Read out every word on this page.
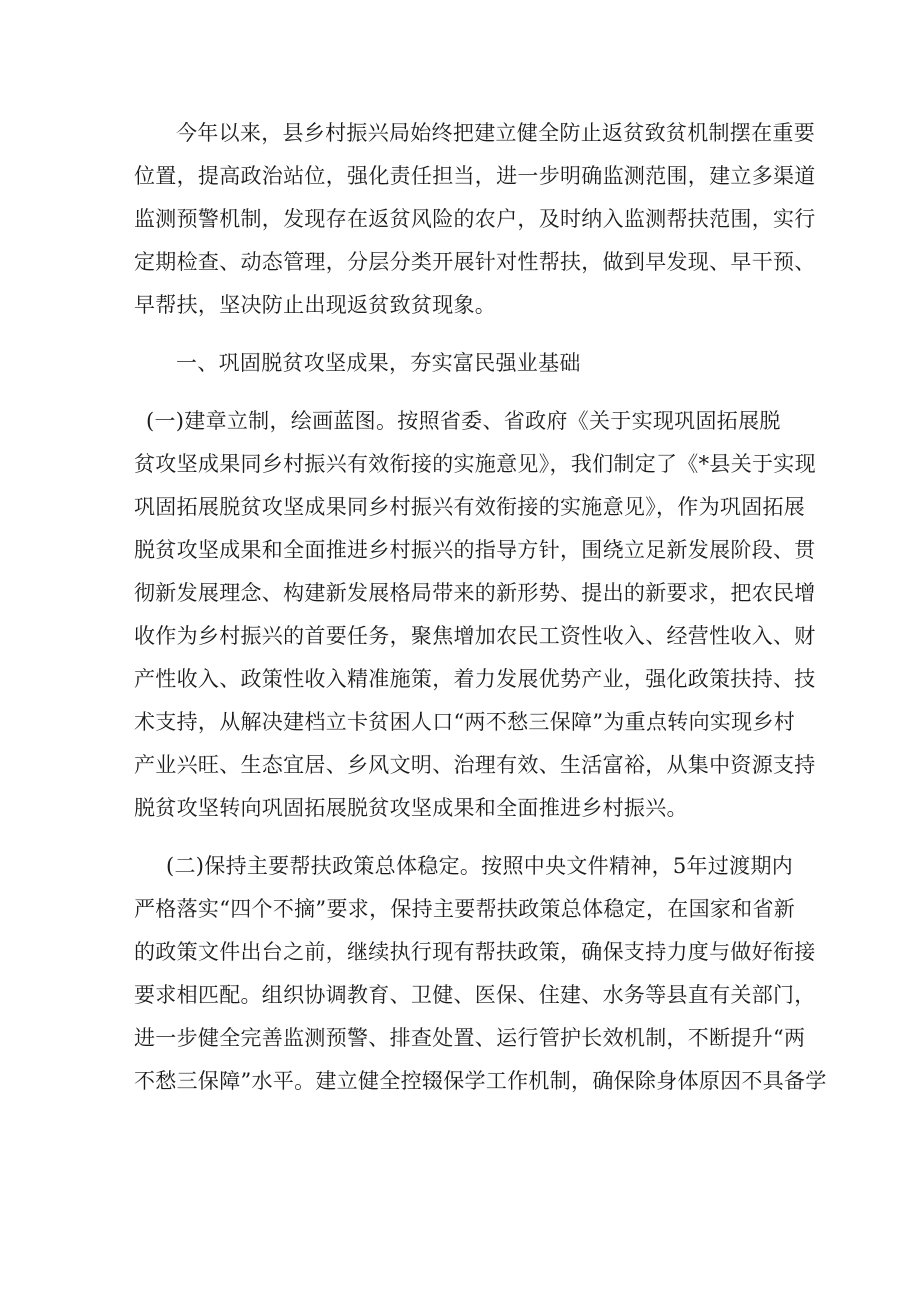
今年以来，县乡村振兴局始终把建立健全防止返贫致贫机制摆在重要
位置，提高政治站位，强化责任担当，进一步明确监测范围，建立多渠道
监测预警机制，发现存在返贫风险的农户，及时纳入监测帮扶范围，实行
定期检查、动态管理，分层分类开展针对性帮扶，做到早发现、早干预、
早帮扶，坚决防止出现返贫致贫现象。
一、巩固脱贫攻坚成果，夯实富民强业基础
(一)建章立制，绘画蓝图。按照省委、省政府《关于实现巩固拓展脱
贫攻坚成果同乡村振兴有效衔接的实施意见》，我们制定了《*县关于实现
巩固拓展脱贫攻坚成果同乡村振兴有效衔接的实施意见》，作为巩固拓展
脱贫攻坚成果和全面推进乡村振兴的指导方针，围绕立足新发展阶段、贯
彻新发展理念、构建新发展格局带来的新形势、提出的新要求，把农民增
收作为乡村振兴的首要任务，聚焦增加农民工资性收入、经营性收入、财
产性收入、政策性收入精准施策，着力发展优势产业，强化政策扶持、技
术支持，从解决建档立卡贫困人口“两不愁三保障”为重点转向实现乡村
产业兴旺、生态宜居、乡风文明、治理有效、生活富裕，从集中资源支持
脱贫攻坚转向巩固拓展脱贫攻坚成果和全面推进乡村振兴。
(二)保持主要帮扶政策总体稳定。按照中央文件精神，5年过渡期内
严格落实“四个不摘”要求，保持主要帮扶政策总体稳定，在国家和省新
的政策文件出台之前，继续执行现有帮扶政策，确保支持力度与做好衔接
要求相匹配。组织协调教育、卫健、医保、住建、水务等县直有关部门，
进一步健全完善监测预警、排查处置、运行管护长效机制，不断提升“两
不愁三保障”水平。建立健全控辍保学工作机制，确保除身体原因不具备学
